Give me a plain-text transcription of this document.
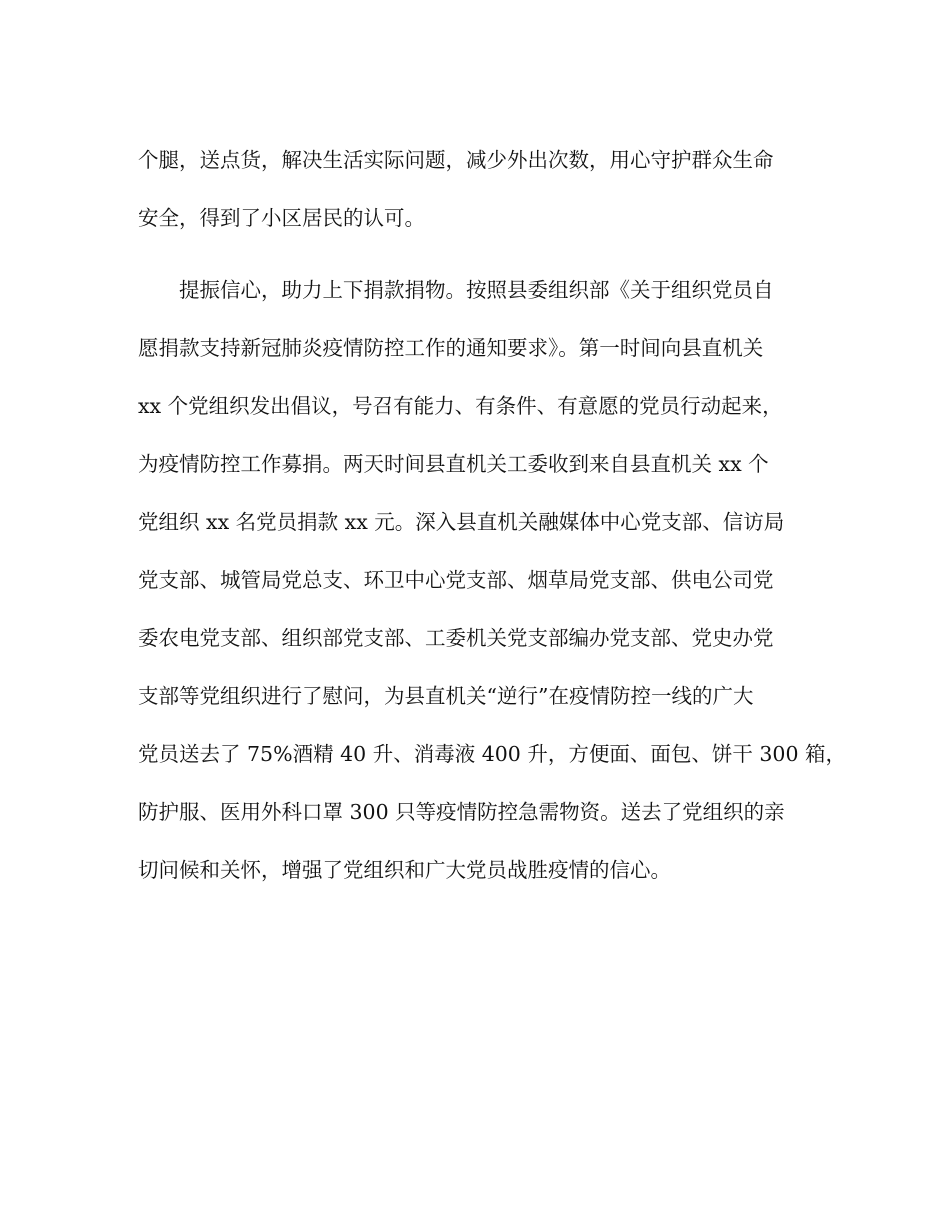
个腿，送点货，解决生活实际问题，减少外出次数，用心守护群众生命
安全，得到了小区居民的认可。
提振信心，助力上下捐款捐物。按照县委组织部《关于组织党员自
愿捐款支持新冠肺炎疫情防控工作的通知要求》。第一时间向县直机关
xx 个党组织发出倡议，号召有能力、有条件、有意愿的党员行动起来，
为疫情防控工作募捐。两天时间县直机关工委收到来自县直机关 xx 个
党组织 xx 名党员捐款 xx 元。深入县直机关融媒体中心党支部、信访局
党支部、城管局党总支、环卫中心党支部、烟草局党支部、供电公司党
委农电党支部、组织部党支部、工委机关党支部编办党支部、党史办党
支部等党组织进行了慰问，为县直机关“逆行”在疫情防控一线的广大
党员送去了 75%酒精 40 升、消毒液 400 升，方便面、面包、饼干 300 箱，
防护服、医用外科口罩 300 只等疫情防控急需物资。送去了党组织的亲
切问候和关怀，增强了党组织和广大党员战胜疫情的信心。
